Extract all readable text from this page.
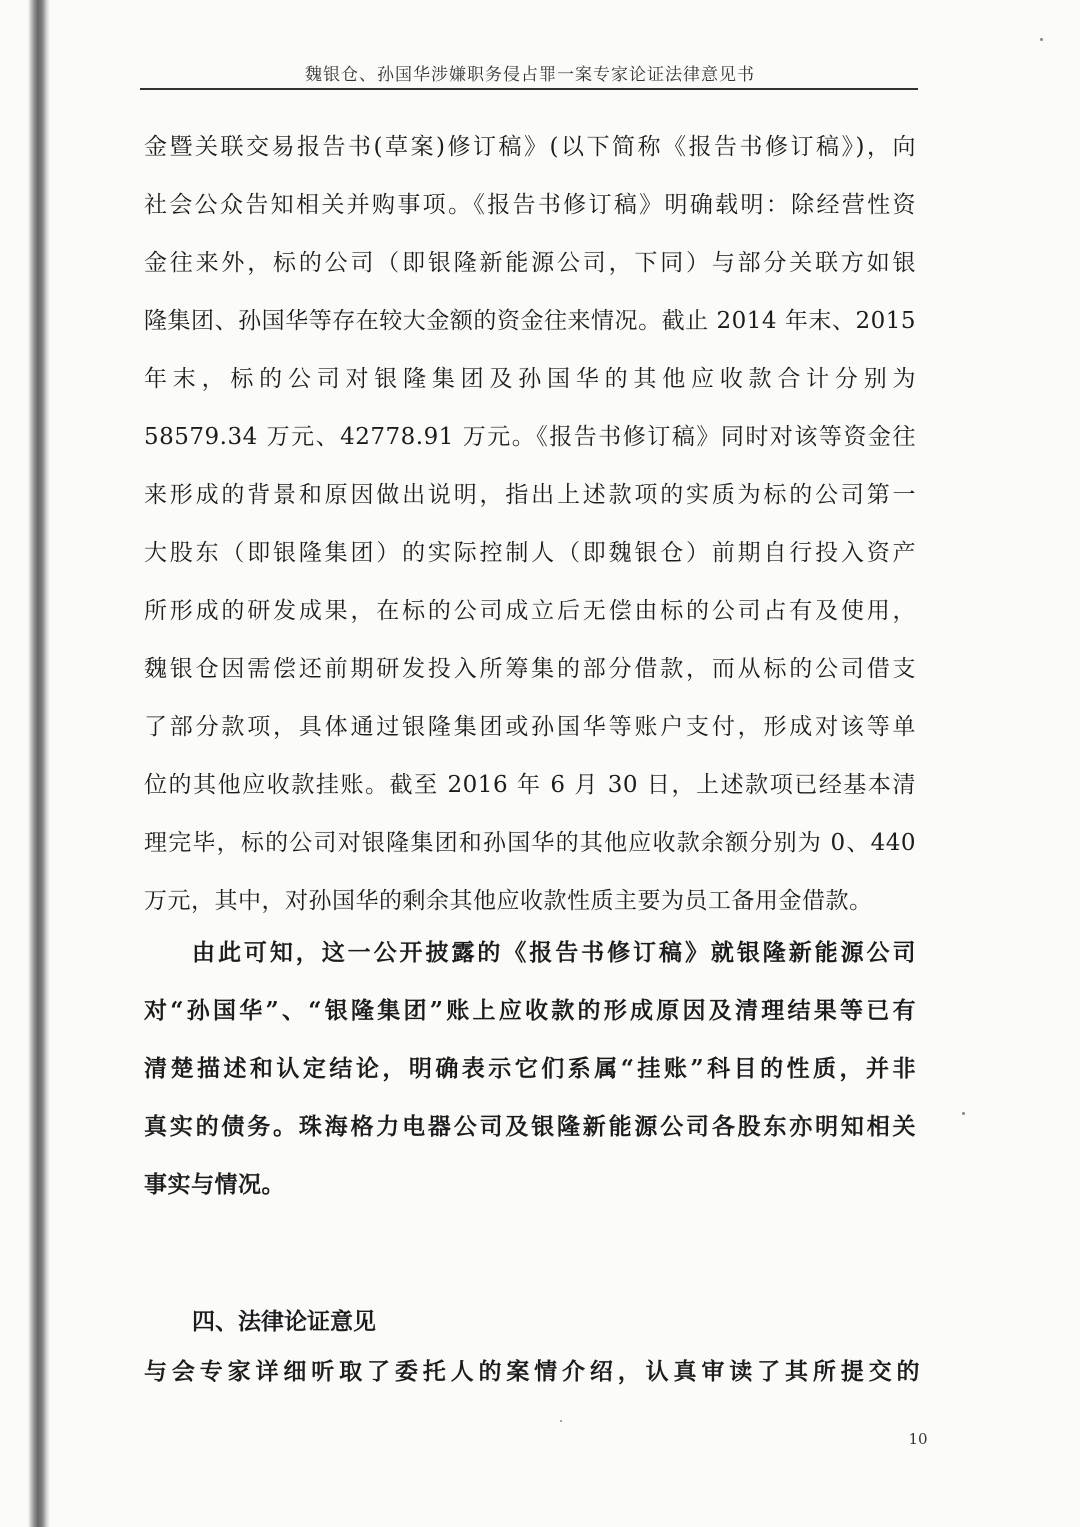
魏银仓、孙国华涉嫌职务侵占罪一案专家论证法律意见书
金暨关联交易报告书(草案)修订稿》(以下简称《报告书修订稿》)，向
社会公众告知相关并购事项。《报告书修订稿》明确载明：除经营性资
金往来外，标的公司（即银隆新能源公司，下同）与部分关联方如银
隆集团、孙国华等存在较大金额的资金往来情况。截止 2014 年末、2015
年末，标的公司对银隆集团及孙国华的其他应收款合计分别为
58579.34 万元、42778.91 万元。《报告书修订稿》同时对该等资金往
来形成的背景和原因做出说明，指出上述款项的实质为标的公司第一
大股东（即银隆集团）的实际控制人（即魏银仓）前期自行投入资产
所形成的研发成果，在标的公司成立后无偿由标的公司占有及使用，
魏银仓因需偿还前期研发投入所筹集的部分借款，而从标的公司借支
了部分款项，具体通过银隆集团或孙国华等账户支付，形成对该等单
位的其他应收款挂账。截至 2016 年 6 月 30 日，上述款项已经基本清
理完毕，标的公司对银隆集团和孙国华的其他应收款余额分别为 0、440
万元，其中，对孙国华的剩余其他应收款性质主要为员工备用金借款。
由此可知，这一公开披露的《报告书修订稿》就银隆新能源公司
对“孙国华”、“银隆集团”账上应收款的形成原因及清理结果等已有
清楚描述和认定结论，明确表示它们系属“挂账”科目的性质，并非
真实的债务。珠海格力电器公司及银隆新能源公司各股东亦明知相关
事实与情况。
四、法律论证意见
与会专家详细听取了委托人的案情介绍，认真审读了其所提交的
10
